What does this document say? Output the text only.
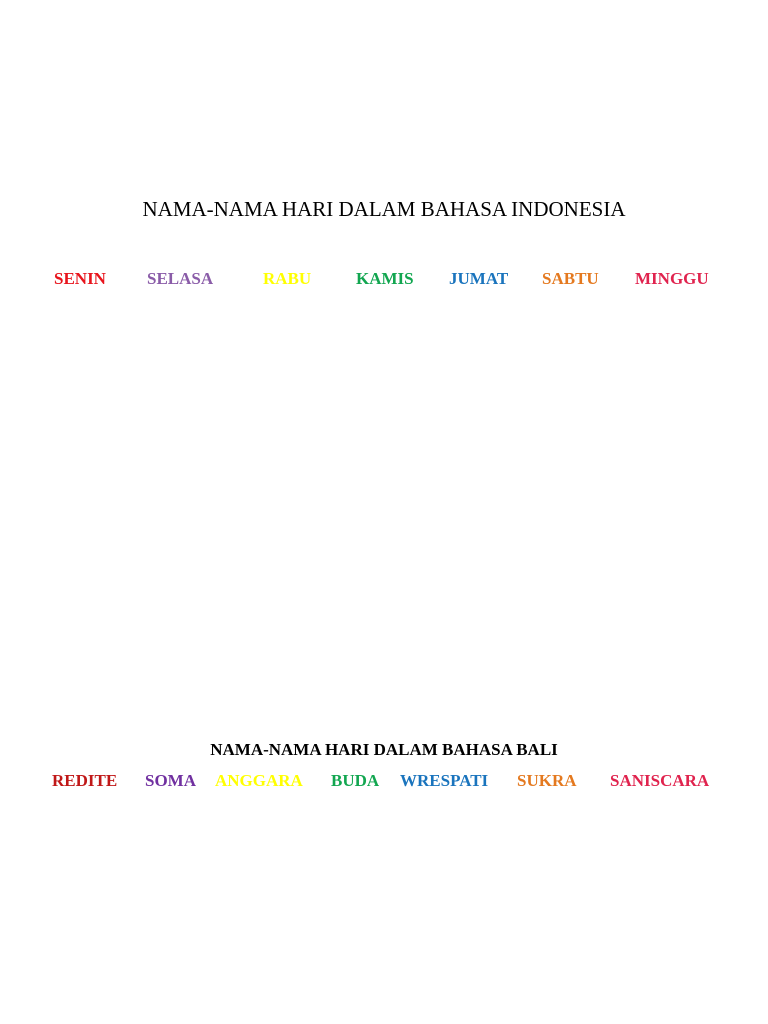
NAMA-NAMA HARI DALAM BAHASA INDONESIA
SENIN SELASA	RABU	KAMIS JUMAT SABTU MINGGU
NAMA-NAMA HARI DALAM BAHASA BALI
REDITE SOMA ANGGARA BUDA WRESPATI SUKRA SANISCARA
